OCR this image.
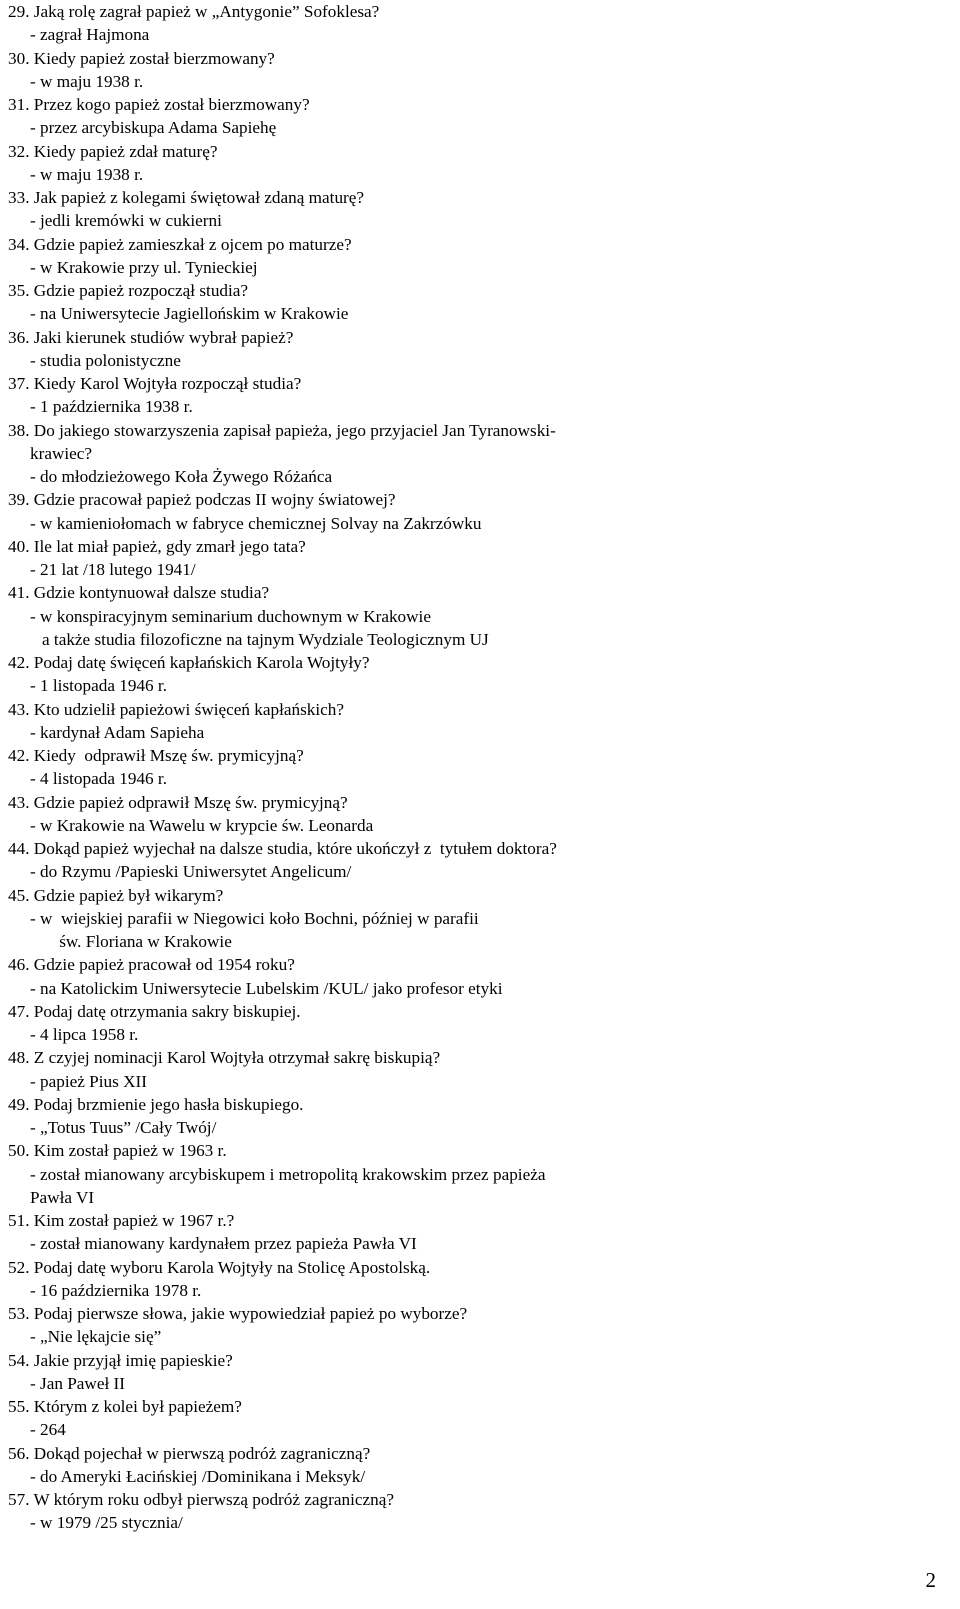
29. Jaką rolę zagrał papież w „Antygonie” Sofoklesa?
- zagrał Hajmona
30. Kiedy papież został bierzmowany?
- w maju 1938 r.
31. Przez kogo papież został bierzmowany?
- przez arcybiskupa Adama Sapiehę
32. Kiedy papież zdał maturę?
- w maju 1938 r.
33. Jak papież z kolegami świętował zdaną maturę?
- jedli kremówki w cukierni
34. Gdzie papież zamieszkał z ojcem po maturze?
- w Krakowie przy ul. Tynieckiej
35. Gdzie papież rozpoczął studia?
- na Uniwersytecie Jagiellońskim w Krakowie
36. Jaki kierunek studiów wybrał papież?
- studia polonistyczne
37. Kiedy Karol Wojtyła rozpoczął studia?
- 1 października 1938 r.
38. Do jakiego stowarzyszenia zapisał papieża, jego przyjaciel Jan Tyranowski-
krawiec?
- do młodzieżowego Koła Żywego Różańca
39. Gdzie pracował papież podczas II wojny światowej?
- w kamieniołomach w fabryce chemicznej Solvay na Zakrzówku
40. Ile lat miał papież, gdy zmarł jego tata?
- 21 lat /18 lutego 1941/
41. Gdzie kontynuował dalsze studia?
- w konspiracyjnym seminarium duchownym w Krakowie
a także studia filozoficzne na tajnym Wydziale Teologicznym UJ
42. Podaj datę święceń kapłańskich Karola Wojtyły?
- 1 listopada 1946 r.
43. Kto udzielił papieżowi święceń kapłańskich?
- kardynał Adam Sapieha
42. Kiedy  odprawił Mszę św. prymicyjną?
- 4 listopada 1946 r.
43. Gdzie papież odprawił Mszę św. prymicyjną?
- w Krakowie na Wawelu w krypcie św. Leonarda
44. Dokąd papież wyjechał na dalsze studia, które ukończył z  tytułem doktora?
- do Rzymu /Papieski Uniwersytet Angelicum/
45. Gdzie papież był wikarym?
- w  wiejskiej parafii w Niegowici koło Bochni, później w parafii
św. Floriana w Krakowie
46. Gdzie papież pracował od 1954 roku?
- na Katolickim Uniwersytecie Lubelskim /KUL/ jako profesor etyki
47. Podaj datę otrzymania sakry biskupiej.
- 4 lipca 1958 r.
48. Z czyjej nominacji Karol Wojtyła otrzymał sakrę biskupią?
- papież Pius XII
49. Podaj brzmienie jego hasła biskupiego.
- „Totus Tuus” /Cały Twój/
50. Kim został papież w 1963 r.
- został mianowany arcybiskupem i metropolitą krakowskim przez papieża
Pawła VI
51. Kim został papież w 1967 r.?
- został mianowany kardynałem przez papieża Pawła VI
52. Podaj datę wyboru Karola Wojtyły na Stolicę Apostolską.
- 16 października 1978 r.
53. Podaj pierwsze słowa, jakie wypowiedział papież po wyborze?
- „Nie lękajcie się”
54. Jakie przyjął imię papieskie?
- Jan Paweł II
55. Którym z kolei był papieżem?
- 264
56. Dokąd pojechał w pierwszą podróż zagraniczną?
- do Ameryki Łacińskiej /Dominikana i Meksyk/
57. W którym roku odbył pierwszą podróż zagraniczną?
- w 1979 /25 stycznia/
2
